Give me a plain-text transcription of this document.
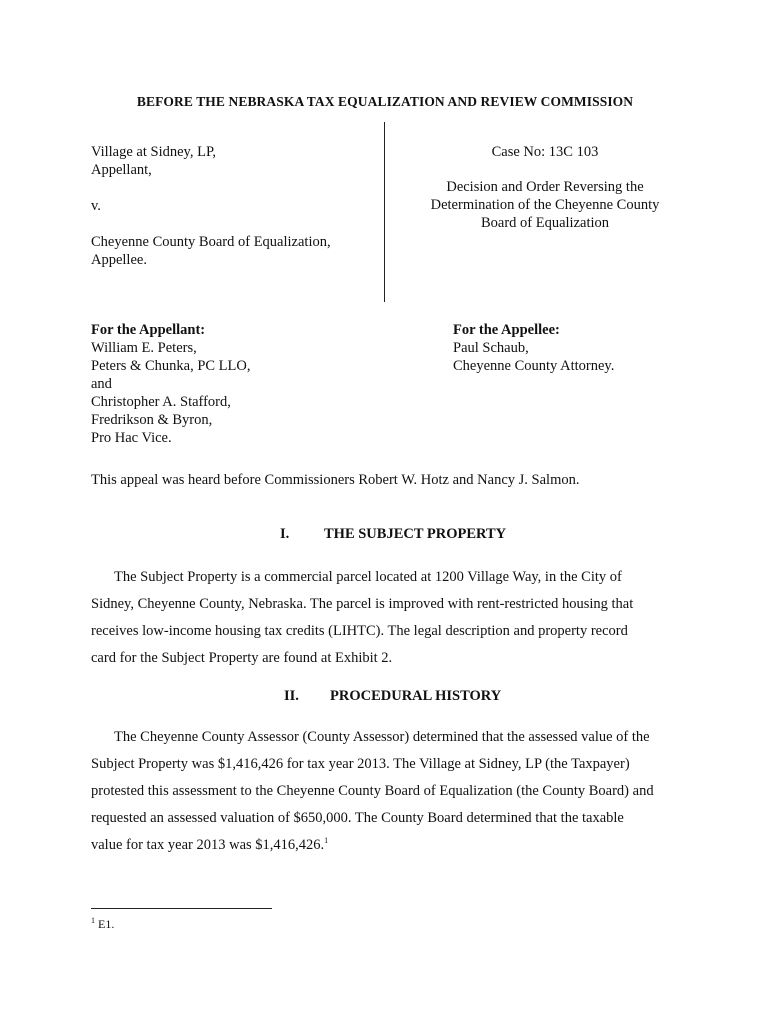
BEFORE THE NEBRASKA TAX EQUALIZATION AND REVIEW COMMISSION
Village at Sidney, LP,
Appellant,
v.
Cheyenne County Board of Equalization,
Appellee.
Case No: 13C 103
Decision and Order Reversing the
Determination of the Cheyenne County
Board of Equalization
For the Appellant:
William E. Peters,
Peters & Chunka, PC LLO,
and
Christopher A. Stafford,
Fredrikson & Byron,
Pro Hac Vice.
For the Appellee:
Paul Schaub,
Cheyenne County Attorney.
This appeal was heard before Commissioners Robert W. Hotz and Nancy J. Salmon.
I. THE SUBJECT PROPERTY

The Subject Property is a commercial parcel located at 1200 Village Way, in the City of

Sidney, Cheyenne County, Nebraska. The parcel is improved with rent-restricted housing that

receives low-income housing tax credits (LIHTC). The legal description and property record

card for the Subject Property are found at Exhibit 2.

II. PROCEDURAL HISTORY

The Cheyenne County Assessor (County Assessor) determined that the assessed value of the

Subject Property was $1,416,426 for tax year 2013. The Village at Sidney, LP (the Taxpayer)

protested this assessment to the Cheyenne County Board of Equalization (the County Board) and

requested an assessed valuation of $650,000. The County Board determined that the taxable

value for tax year 2013 was $1,416,426.$^1$

$^1$ E1.
